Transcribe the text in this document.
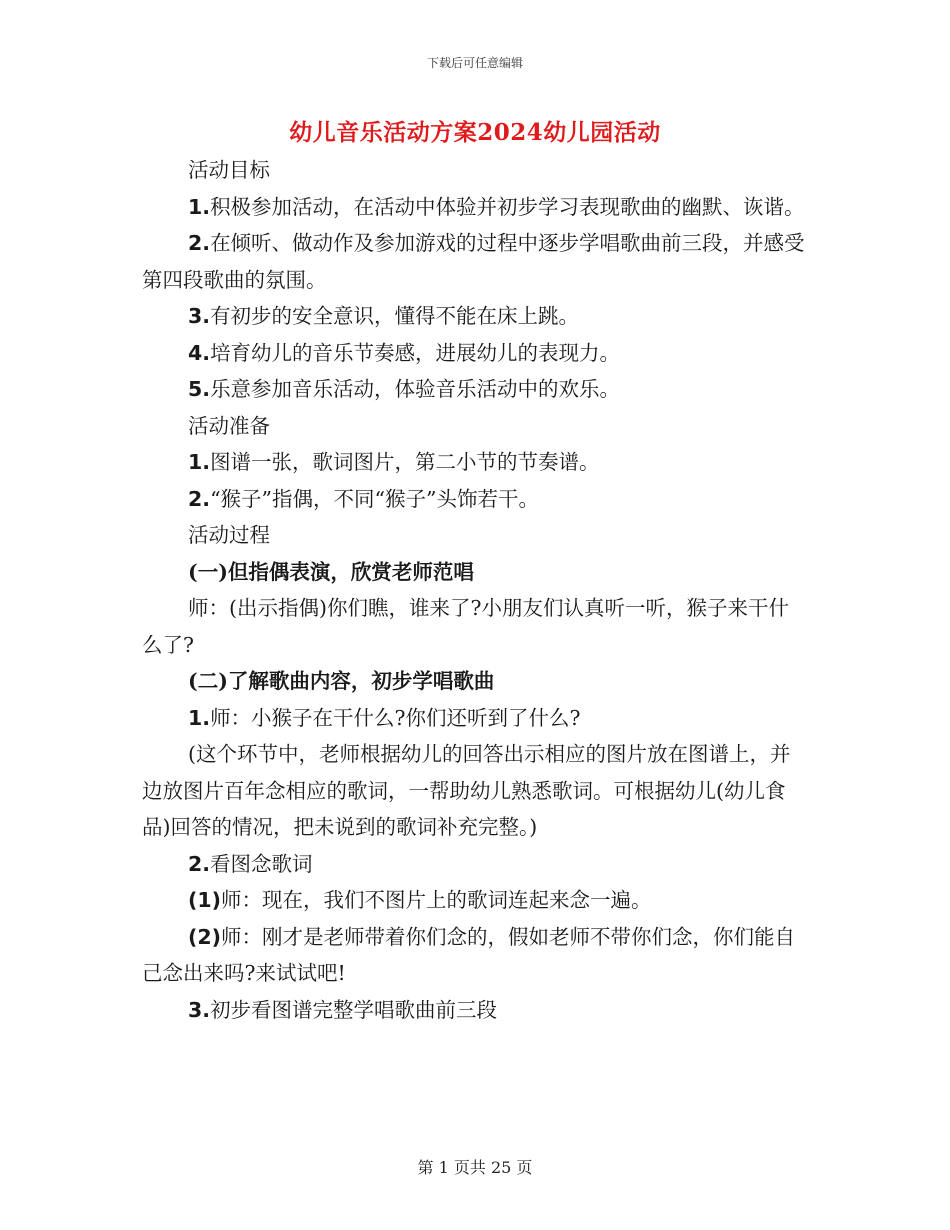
下载后可任意编辑
幼儿音乐活动方案2024幼儿园活动

活动目标

1.积极参加活动，在活动中体验并初步学习表现歌曲的幽默、诙谐。

2.在倾听、做动作及参加游戏的过程中逐步学唱歌曲前三段，并感受第四段歌曲的氛围。

3.有初步的安全意识，懂得不能在床上跳。

4.培育幼儿的音乐节奏感，进展幼儿的表现力。

5.乐意参加音乐活动，体验音乐活动中的欢乐。

活动准备

1.图谱一张，歌词图片，第二小节的节奏谱。

2.“猴子”指偶，不同“猴子”头饰若干。

活动过程

(一)但指偶表演，欣赏老师范唱

师：(出示指偶)你们瞧，谁来了?小朋友们认真听一听，猴子来干什么了?

(二)了解歌曲内容，初步学唱歌曲

1.师：小猴子在干什么?你们还听到了什么?

(这个环节中，老师根据幼儿的回答出示相应的图片放在图谱上，并边放图片百年念相应的歌词，一帮助幼儿熟悉歌词。可根据幼儿(幼儿食品)回答的情况，把未说到的歌词补充完整。)

2.看图念歌词

(1)师：现在，我们不图片上的歌词连起来念一遍。

(2)师：刚才是老师带着你们念的，假如老师不带你们念，你们能自己念出来吗?来试试吧!

3.初步看图谱完整学唱歌曲前三段

第 1 页共 25 页
